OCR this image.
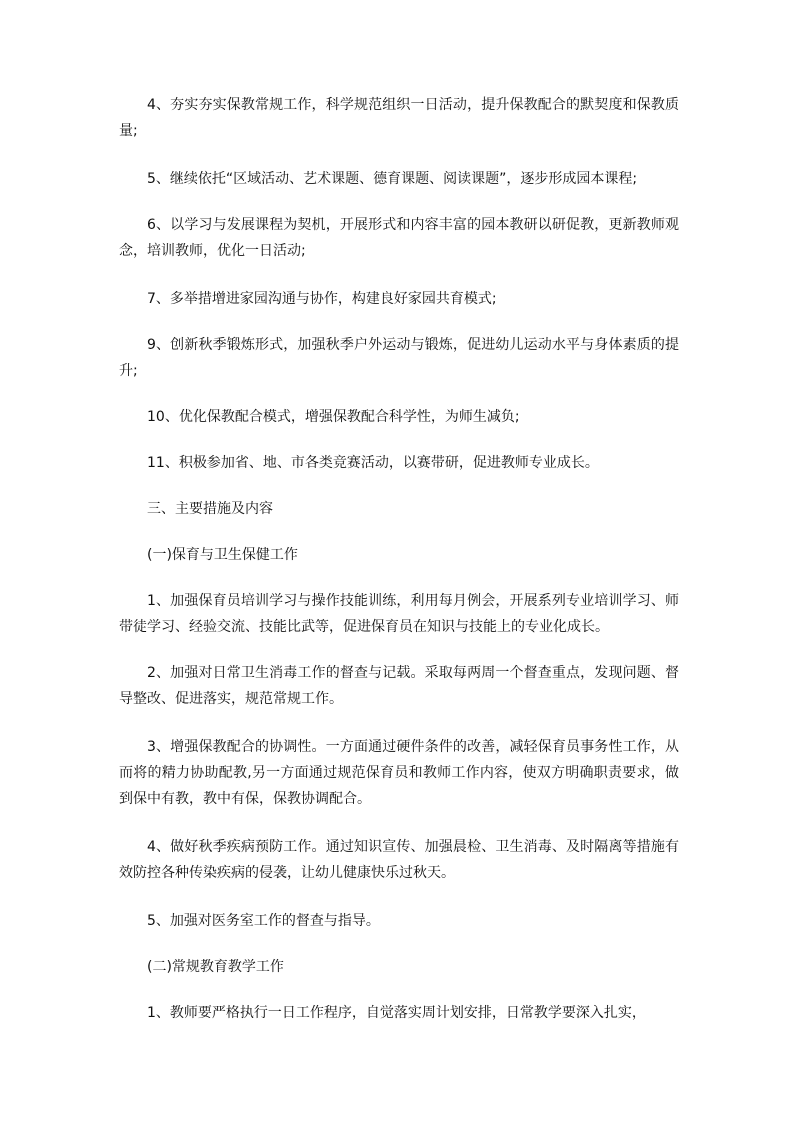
4、夯实夯实保教常规工作，科学规范组织一日活动，提升保教配合的默契度和保教质量;

5、继续依托“区域活动、艺术课题、德育课题、阅读课题”，逐步形成园本课程;

6、以学习与发展课程为契机，开展形式和内容丰富的园本教研以研促教，更新教师观念，培训教师，优化一日活动;

7、多举措增进家园沟通与协作，构建良好家园共育模式;

9、创新秋季锻炼形式，加强秋季户外运动与锻炼，促进幼儿运动水平与身体素质的提升;

10、优化保教配合模式，增强保教配合科学性，为师生减负;

11、积极参加省、地、市各类竞赛活动，以赛带研，促进教师专业成长。

三、主要措施及内容

(一)保育与卫生保健工作

1、加强保育员培训学习与操作技能训练，利用每月例会，开展系列专业培训学习、师带徒学习、经验交流、技能比武等，促进保育员在知识与技能上的专业化成长。

2、加强对日常卫生消毒工作的督查与记载。采取每两周一个督查重点，发现问题、督导整改、促进落实，规范常规工作。

3、增强保教配合的协调性。一方面通过硬件条件的改善，减轻保育员事务性工作，从而将的精力协助配教,另一方面通过规范保育员和教师工作内容，使双方明确职责要求，做到保中有教，教中有保，保教协调配合。

4、做好秋季疾病预防工作。通过知识宣传、加强晨检、卫生消毒、及时隔离等措施有效防控各种传染疾病的侵袭，让幼儿健康快乐过秋天。

5、加强对医务室工作的督查与指导。

(二)常规教育教学工作

1、教师要严格执行一日工作程序，自觉落实周计划安排，日常教学要深入扎实，
